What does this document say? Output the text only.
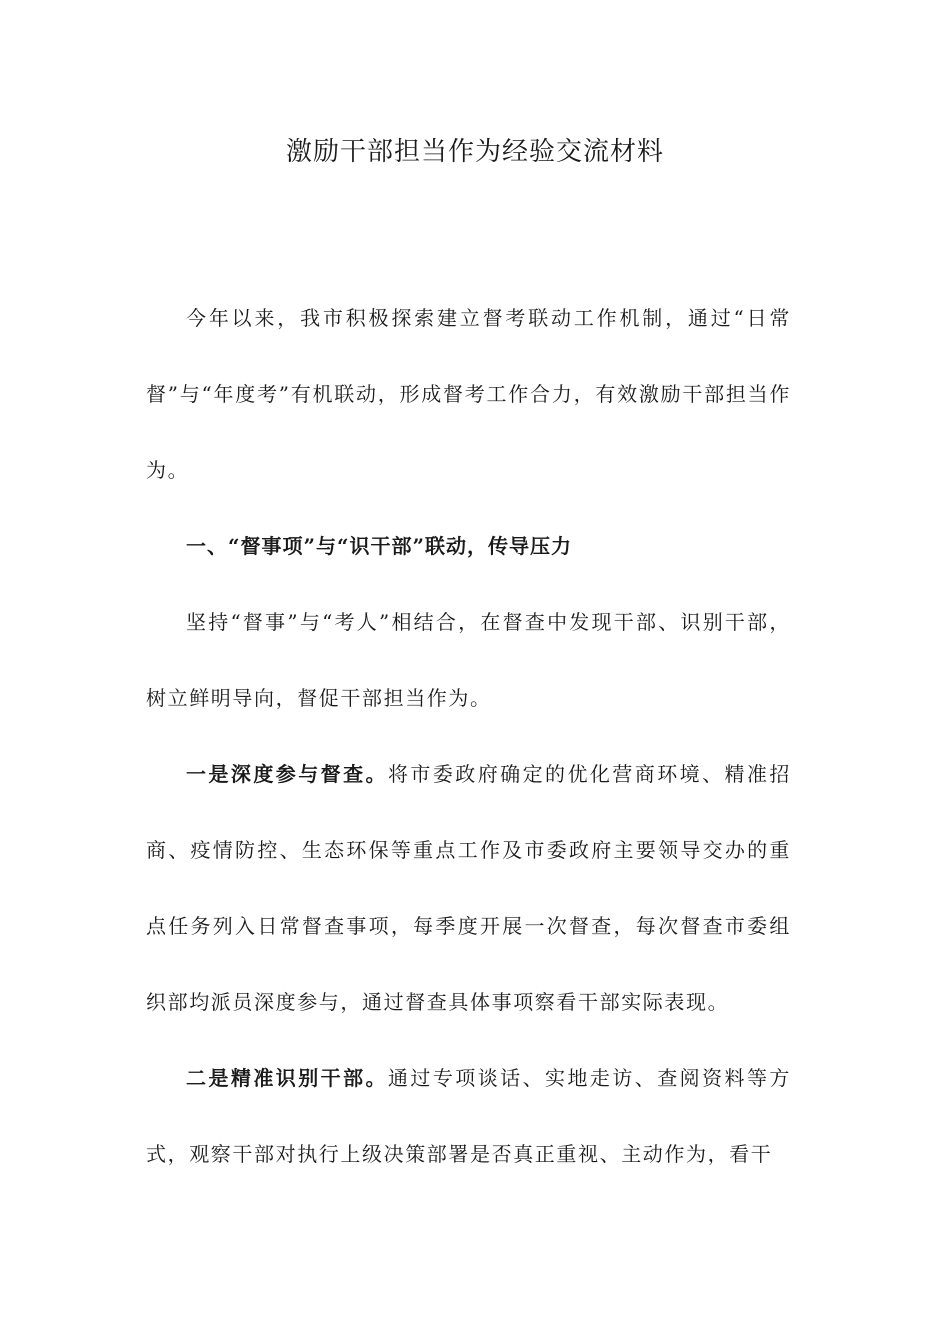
激励干部担当作为经验交流材料

今年以来，我市积极探索建立督考联动工作机制，通过“日常督”与“年度考”有机联动，形成督考工作合力，有效激励干部担当作为。

一、“督事项”与“识干部”联动，传导压力

坚持“督事”与“考人”相结合，在督查中发现干部、识别干部，树立鲜明导向，督促干部担当作为。

一是深度参与督查。将市委政府确定的优化营商环境、精准招商、疫情防控、生态环保等重点工作及市委政府主要领导交办的重点任务列入日常督查事项，每季度开展一次督查，每次督查市委组织部均派员深度参与，通过督查具体事项察看干部实际表现。

二是精准识别干部。通过专项谈话、实地走访、查阅资料等方式，观察干部对执行上级决策部署是否真正重视、主动作为，看干
